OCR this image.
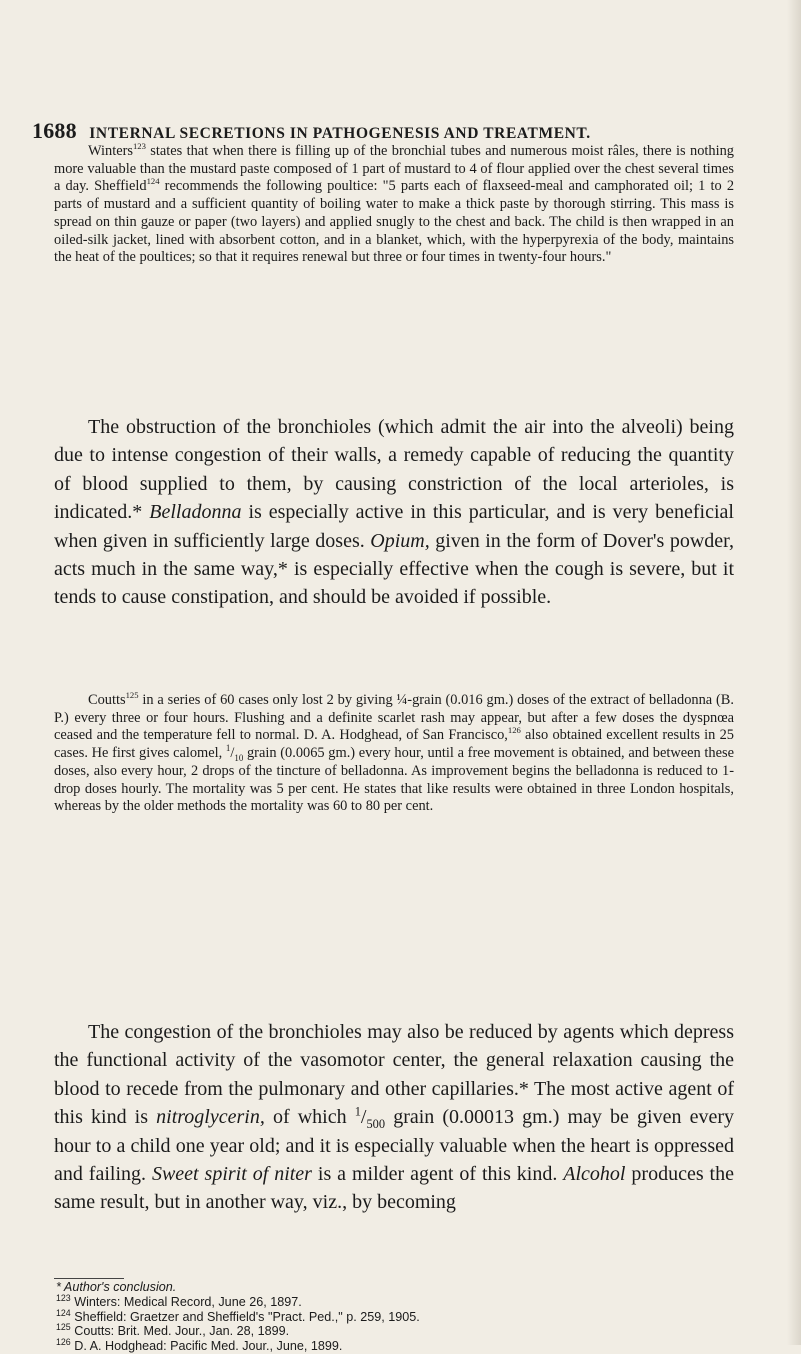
1688 INTERNAL SECRETIONS IN PATHOGENESIS AND TREATMENT.

Winters$^{123}$ states that when there is filling up of the bronchial tubes and numerous moist râles, there is nothing more valuable than the mustard paste composed of 1 part of mustard to 4 of flour applied over the chest several times a day. Sheffield$^{124}$ recommends the following poultice: "5 parts each of flaxseed-meal and camphorated oil; 1 to 2 parts of mustard and a sufficient quantity of boiling water to make a thick paste by thorough stirring. This mass is spread on thin gauze or paper (two layers) and applied snugly to the chest and back. The child is then wrapped in an oiled-silk jacket, lined with absorbent cotton, and in a blanket, which, with the hyperpyrexia of the body, maintains the heat of the poultices; so that it requires renewal but three or four times in twenty-four hours."

The obstruction of the bronchioles (which admit the air into the alveoli) being due to intense congestion of their walls, a remedy capable of reducing the quantity of blood supplied to them, by causing constriction of the local arterioles, is indicated.* Belladonna is especially active in this particular, and is very beneficial when given in sufficiently large doses. Opium, given in the form of Dover's powder, acts much in the same way,* is especially effective when the cough is severe, but it tends to cause constipation, and should be avoided if possible.

Coutts$^{125}$ in a series of 60 cases only lost 2 by giving ¼-grain (0.016 gm.) doses of the extract of belladonna (B. P.) every three or four hours. Flushing and a definite scarlet rash may appear, but after a few doses the dyspnœa ceased and the temperature fell to normal. D. A. Hodghead, of San Francisco,$^{126}$ also obtained excellent results in 25 cases. He first gives calomel, $^1/_{10}$ grain (0.0065 gm.) every hour, until a free movement is obtained, and between these doses, also every hour, 2 drops of the tincture of belladonna. As improvement begins the belladonna is reduced to 1-drop doses hourly. The mortality was 5 per cent. He states that like results were obtained in three London hospitals, whereas by the older methods the mortality was 60 to 80 per cent.

The congestion of the bronchioles may also be reduced by agents which depress the functional activity of the vasomotor center, the general relaxation causing the blood to recede from the pulmonary and other capillaries.* The most active agent of this kind is nitroglycerin, of which $^1/_{500}$ grain (0.00013 gm.) may be given every hour to a child one year old; and it is especially valuable when the heart is oppressed and failing. Sweet spirit of niter is a milder agent of this kind. Alcohol produces the same result, but in another way, viz., by becoming

* Author's conclusion.
$^{123}$ Winters: Medical Record, June 26, 1897.
$^{124}$ Sheffield: Graetzer and Sheffield's "Pract. Ped.," p. 259, 1905.
$^{125}$ Coutts: Brit. Med. Jour., Jan. 28, 1899.
$^{126}$ D. A. Hodghead: Pacific Med. Jour., June, 1899.
